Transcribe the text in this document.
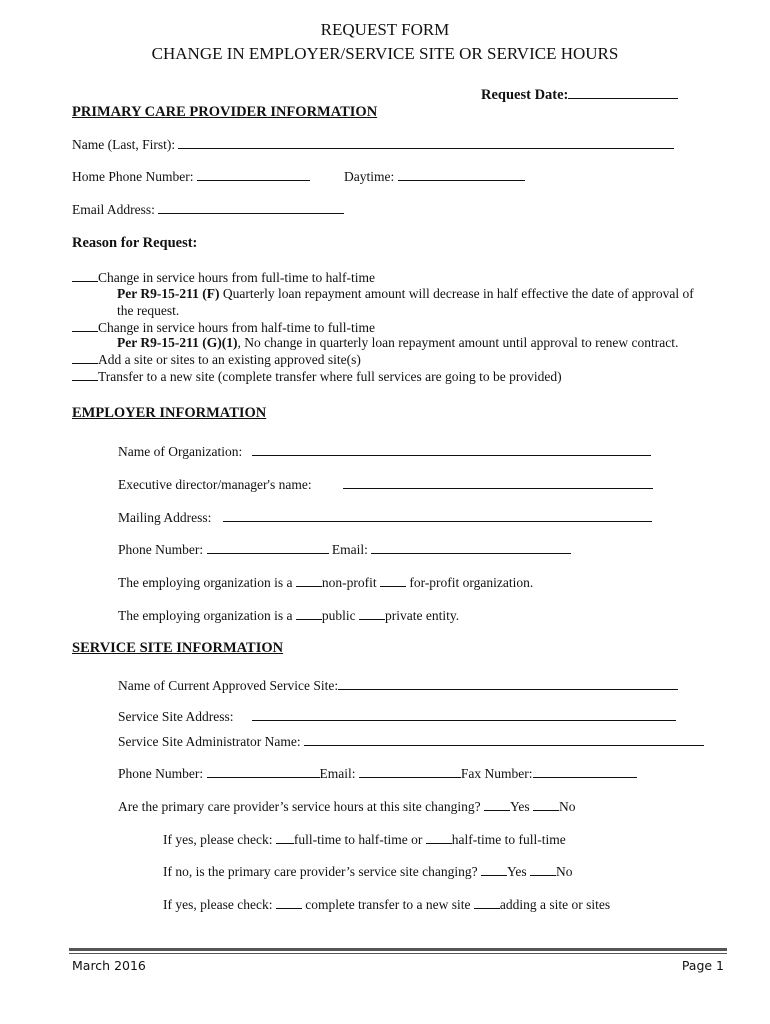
REQUEST FORM
CHANGE IN EMPLOYER/SERVICE SITE OR SERVICE HOURS
Request Date:
PRIMARY CARE PROVIDER INFORMATION
Name (Last, First):
Home Phone Number:	Daytime:
Email Address:
Reason for Request:
Change in service hours from full-time to half-time
Per R9-15-211 (F) Quarterly loan repayment amount will decrease in half effective the date of approval of
the request.
Change in service hours from half-time to full-time
Per R9-15-211 (G)(1), No change in quarterly loan repayment amount until approval to renew contract.
Add a site or sites to an existing approved site(s)
Transfer to a new site (complete transfer where full services are going to be provided)
EMPLOYER INFORMATION
Name of Organization:
Executive director/manager's name:
Mailing Address:
Phone Number:	Email:
The employing organization is a non-profit for-profit organization.
The employing organization is a public private entity.
SERVICE SITE INFORMATION
Name of Current Approved Service Site:
Service Site Address:
Service Site Administrator Name:
Phone Number:	Email:	Fax Number:
Are the primary care provider’s service hours at this site changing? Yes No
If yes, please check: full-time to half-time or half-time to full-time
If no, is the primary care provider’s service site changing? Yes No
If yes, please check: complete transfer to a new site adding a site or sites
March 2016	Page 1
